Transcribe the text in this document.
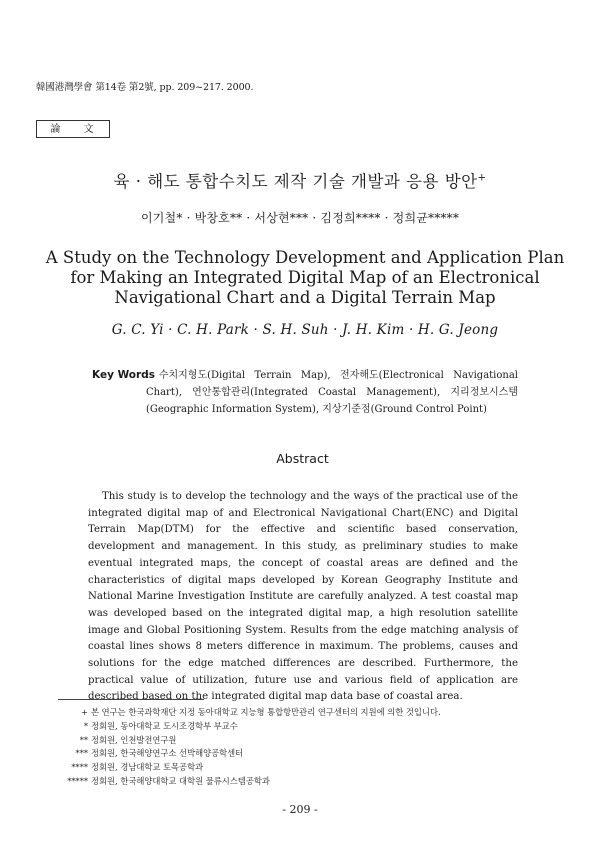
韓國港灣學會 第14卷 第2號, pp. 209~217. 2000.
論 文
육 · 해도 통합수치도 제작 기술 개발과 응용 방안+
이기철* · 박창호** · 서상현*** · 김정희**** · 정희균*****
A Study on the Technology Development and Application Plan for Making an Integrated Digital Map of an Electronical Navigational Chart and a Digital Terrain Map
G. C. Yi · C. H. Park · S. H. Suh · J. H. Kim · H. G. Jeong
Key Words
: 수치지형도(Digital Terrain Map), 전자해도(Electronical Navigational Chart), 연안통합관리(Integrated Coastal Management), 지리정보시스템(Geographic Information System), 지상기준점(Ground Control Point)
Abstract

This study is to develop the technology and the ways of the practical use of the integrated digital map of and Electronical Navigational Chart(ENC) and Digital Terrain Map(DTM) for the effective and scientific based conservation, development and management. In this study, as preliminary studies to make eventual integrated maps, the concept of coastal areas are defined and the characteristics of digital maps developed by Korean Geography Institute and National Marine Investigation Institute are carefully analyzed. A test coastal map was developed based on the integrated digital map, a high resolution satellite image and Global Positioning System. Results from the edge matching analysis of coastal lines shows 8 meters difference in maximum. The problems, causes and solutions for the edge matched differences are described. Furthermore, the practical value of utilization, future use and various field of application are described based on the integrated digital map data base of coastal area.

+ 본 연구는 한국과학재단 지정 동아대학교 지능형 통합항만관리 연구센터의 지원에 의한 것입니다.
* 정회원, 동아대학교 도시조경학부 부교수
** 정회원, 인천발전연구원
*** 정회원, 한국해양연구소 선박해양공학센터
**** 정회원, 경남대학교 토목공학과
***** 정회원, 한국해양대학교 대학원 물류시스템공학과
- 209 -
